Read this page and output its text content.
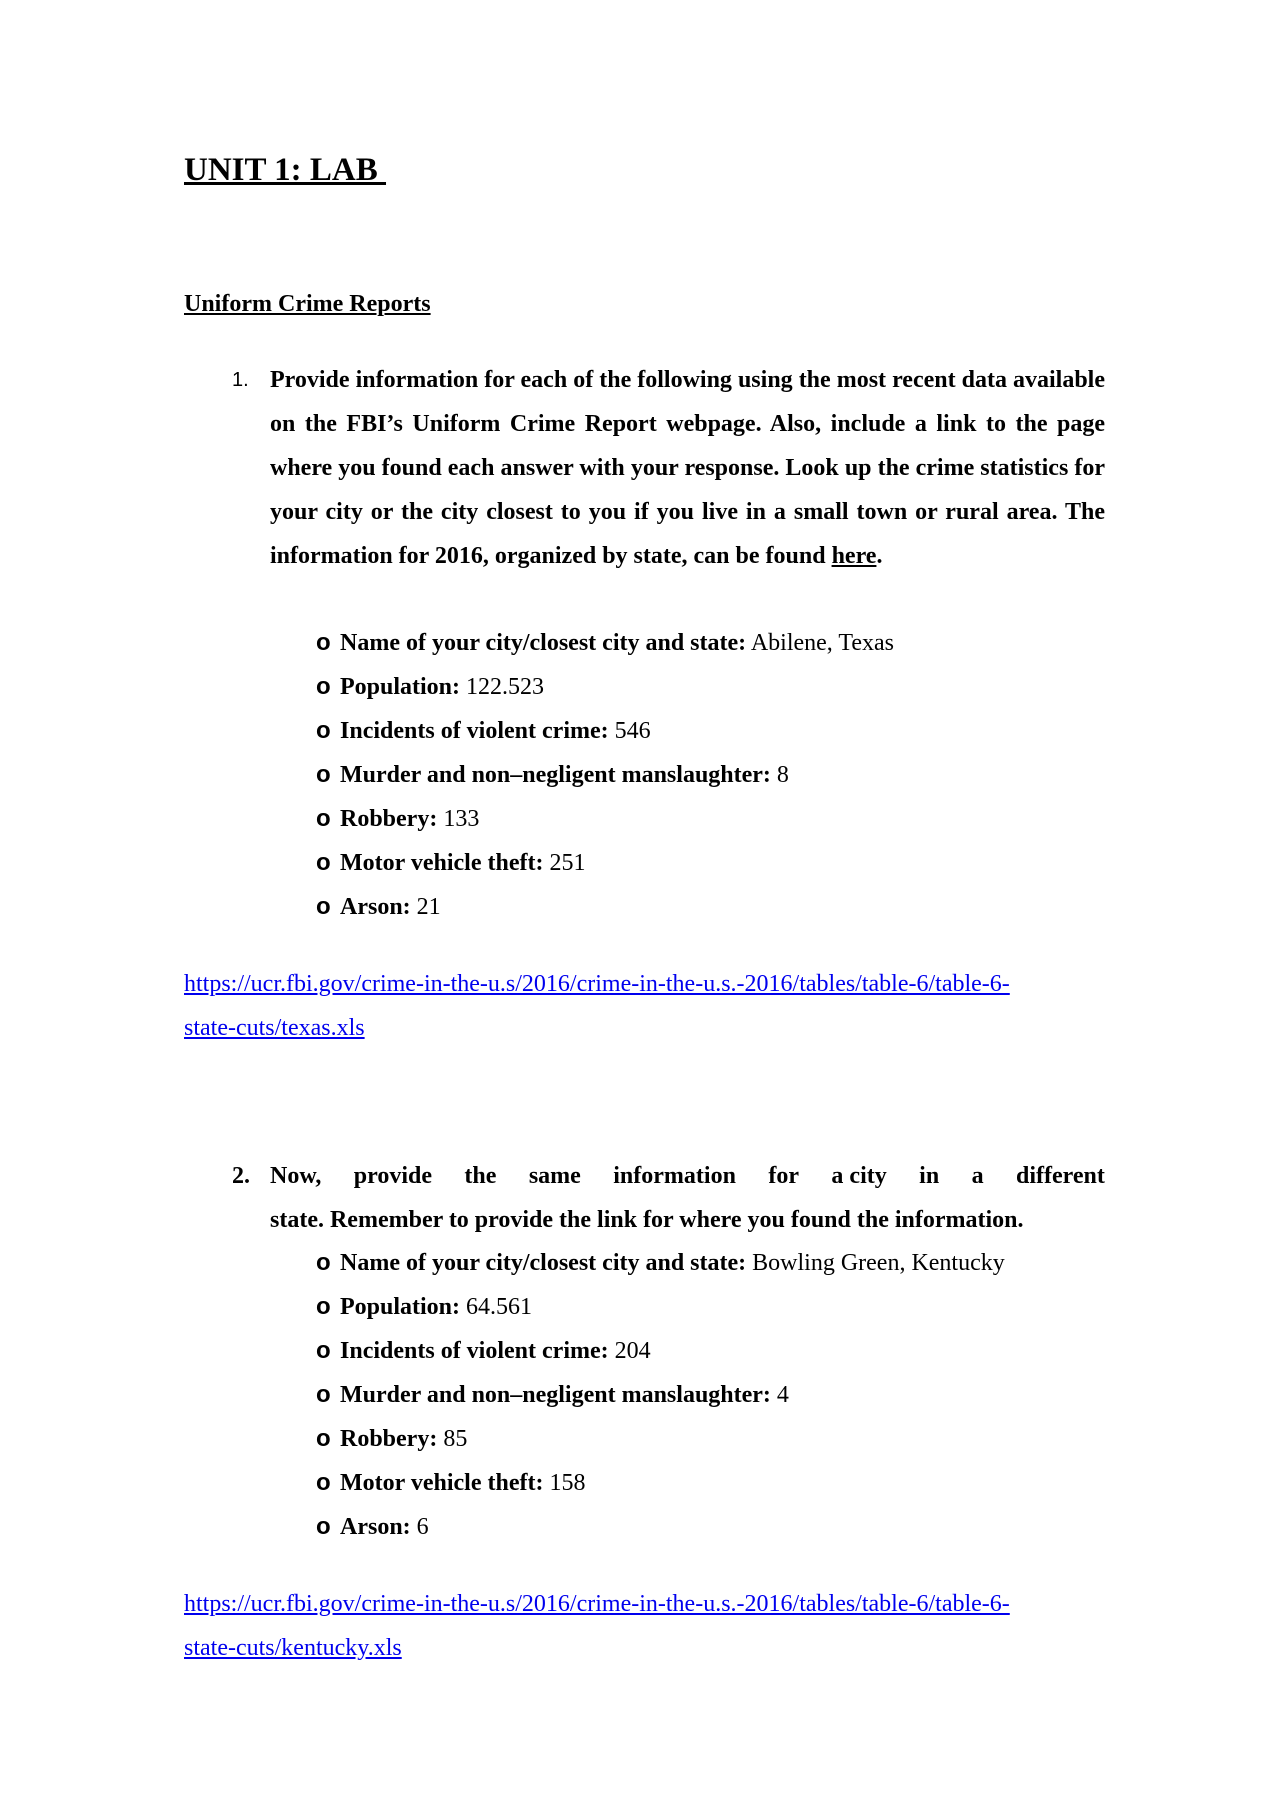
UNIT 1: LAB
Uniform Crime Reports

1. Provide information for each of the following using the most recent data available on the FBI’s Uniform Crime Report webpage. Also, include a link to the page where you found each answer with your response. Look up the crime statistics for your city or the city closest to you if you live in a small town or rural area. The information for 2016, organized by state, can be found here.

o Name of your city/closest city and state: Abilene, Texas
o Population: 122.523
o Incidents of violent crime: 546
o Murder and non–negligent manslaughter: 8
o Robbery: 133
o Motor vehicle theft: 251
o Arson: 21

https://ucr.fbi.gov/crime-in-the-u.s/2016/crime-in-the-u.s.-2016/tables/table-6/table-6-
state-cuts/texas.xls

2. Now, provide the same information for a city in a different
state. Remember to provide the link for where you found the information.
o Name of your city/closest city and state: Bowling Green, Kentucky
o Population: 64.561
o Incidents of violent crime: 204
o Murder and non–negligent manslaughter: 4
o Robbery: 85
o Motor vehicle theft: 158
o Arson: 6

https://ucr.fbi.gov/crime-in-the-u.s/2016/crime-in-the-u.s.-2016/tables/table-6/table-6-
state-cuts/kentucky.xls
